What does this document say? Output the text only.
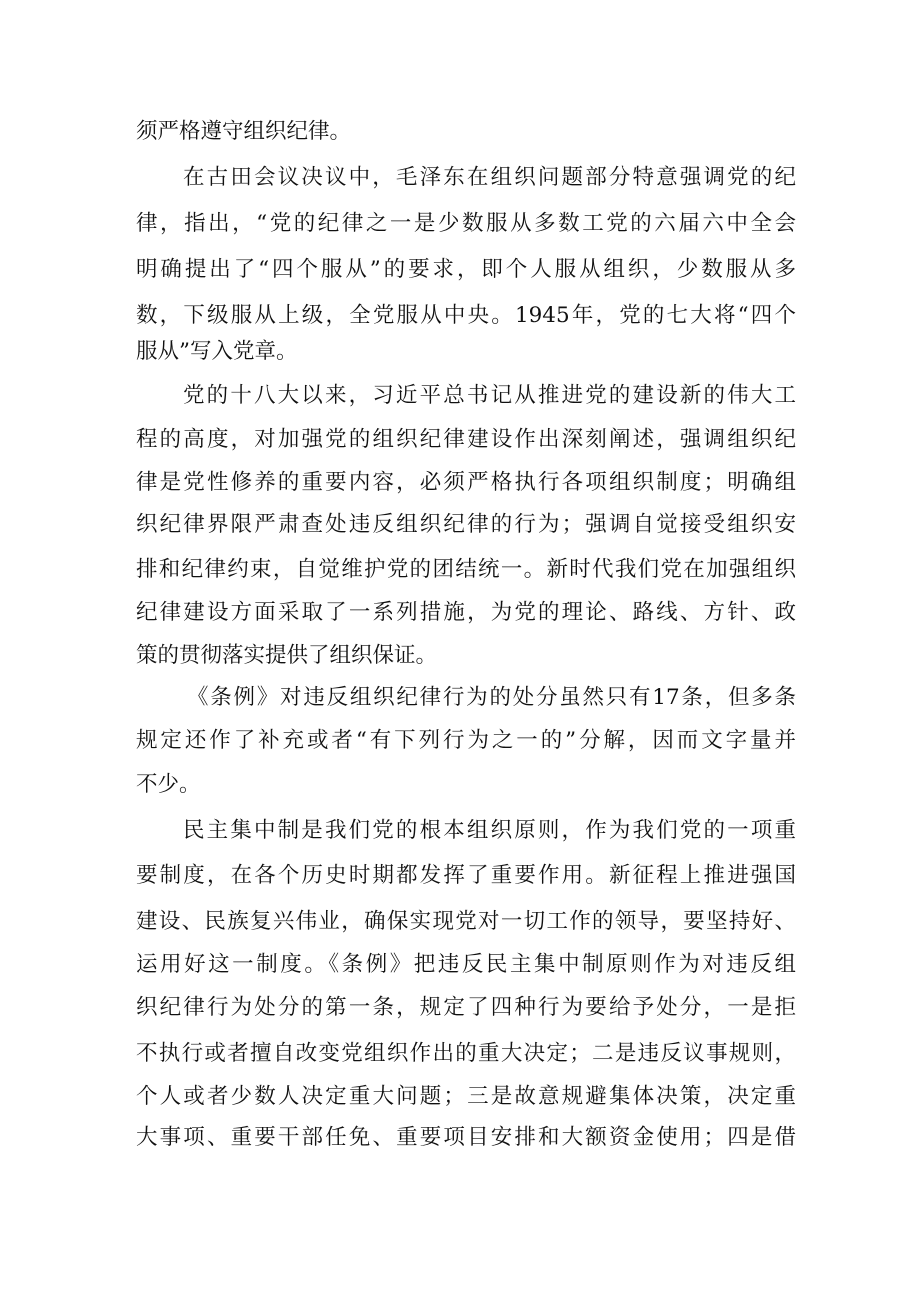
须严格遵守组织纪律。
在古田会议决议中，毛泽东在组织问题部分特意强调党的纪
律，指出，“党的纪律之一是少数服从多数工党的六届六中全会
明确提出了“四个服从”的要求，即个人服从组织，少数服从多
数，下级服从上级，全党服从中央。1945年，党的七大将“四个
服从”写入党章。
党的十八大以来，习近平总书记从推进党的建设新的伟大工
程的高度，对加强党的组织纪律建设作出深刻阐述，强调组织纪
律是党性修养的重要内容，必须严格执行各项组织制度；明确组
织纪律界限严肃查处违反组织纪律的行为；强调自觉接受组织安
排和纪律约束，自觉维护党的团结统一。新时代我们党在加强组织
纪律建设方面采取了一系列措施，为党的理论、路线、方针、政
策的贯彻落实提供了组织保证。
《条例》对违反组织纪律行为的处分虽然只有17条，但多条
规定还作了补充或者“有下列行为之一的”分解，因而文字量并
不少。
民主集中制是我们党的根本组织原则，作为我们党的一项重
要制度，在各个历史时期都发挥了重要作用。新征程上推进强国
建设、民族复兴伟业，确保实现党对一切工作的领导，要坚持好、
运用好这一制度。《条例》把违反民主集中制原则作为对违反组
织纪律行为处分的第一条，规定了四种行为要给予处分，一是拒
不执行或者擅自改变党组织作出的重大决定；二是违反议事规则，
个人或者少数人决定重大问题；三是故意规避集体决策，决定重
大事项、重要干部任免、重要项目安排和大额资金使用；四是借
